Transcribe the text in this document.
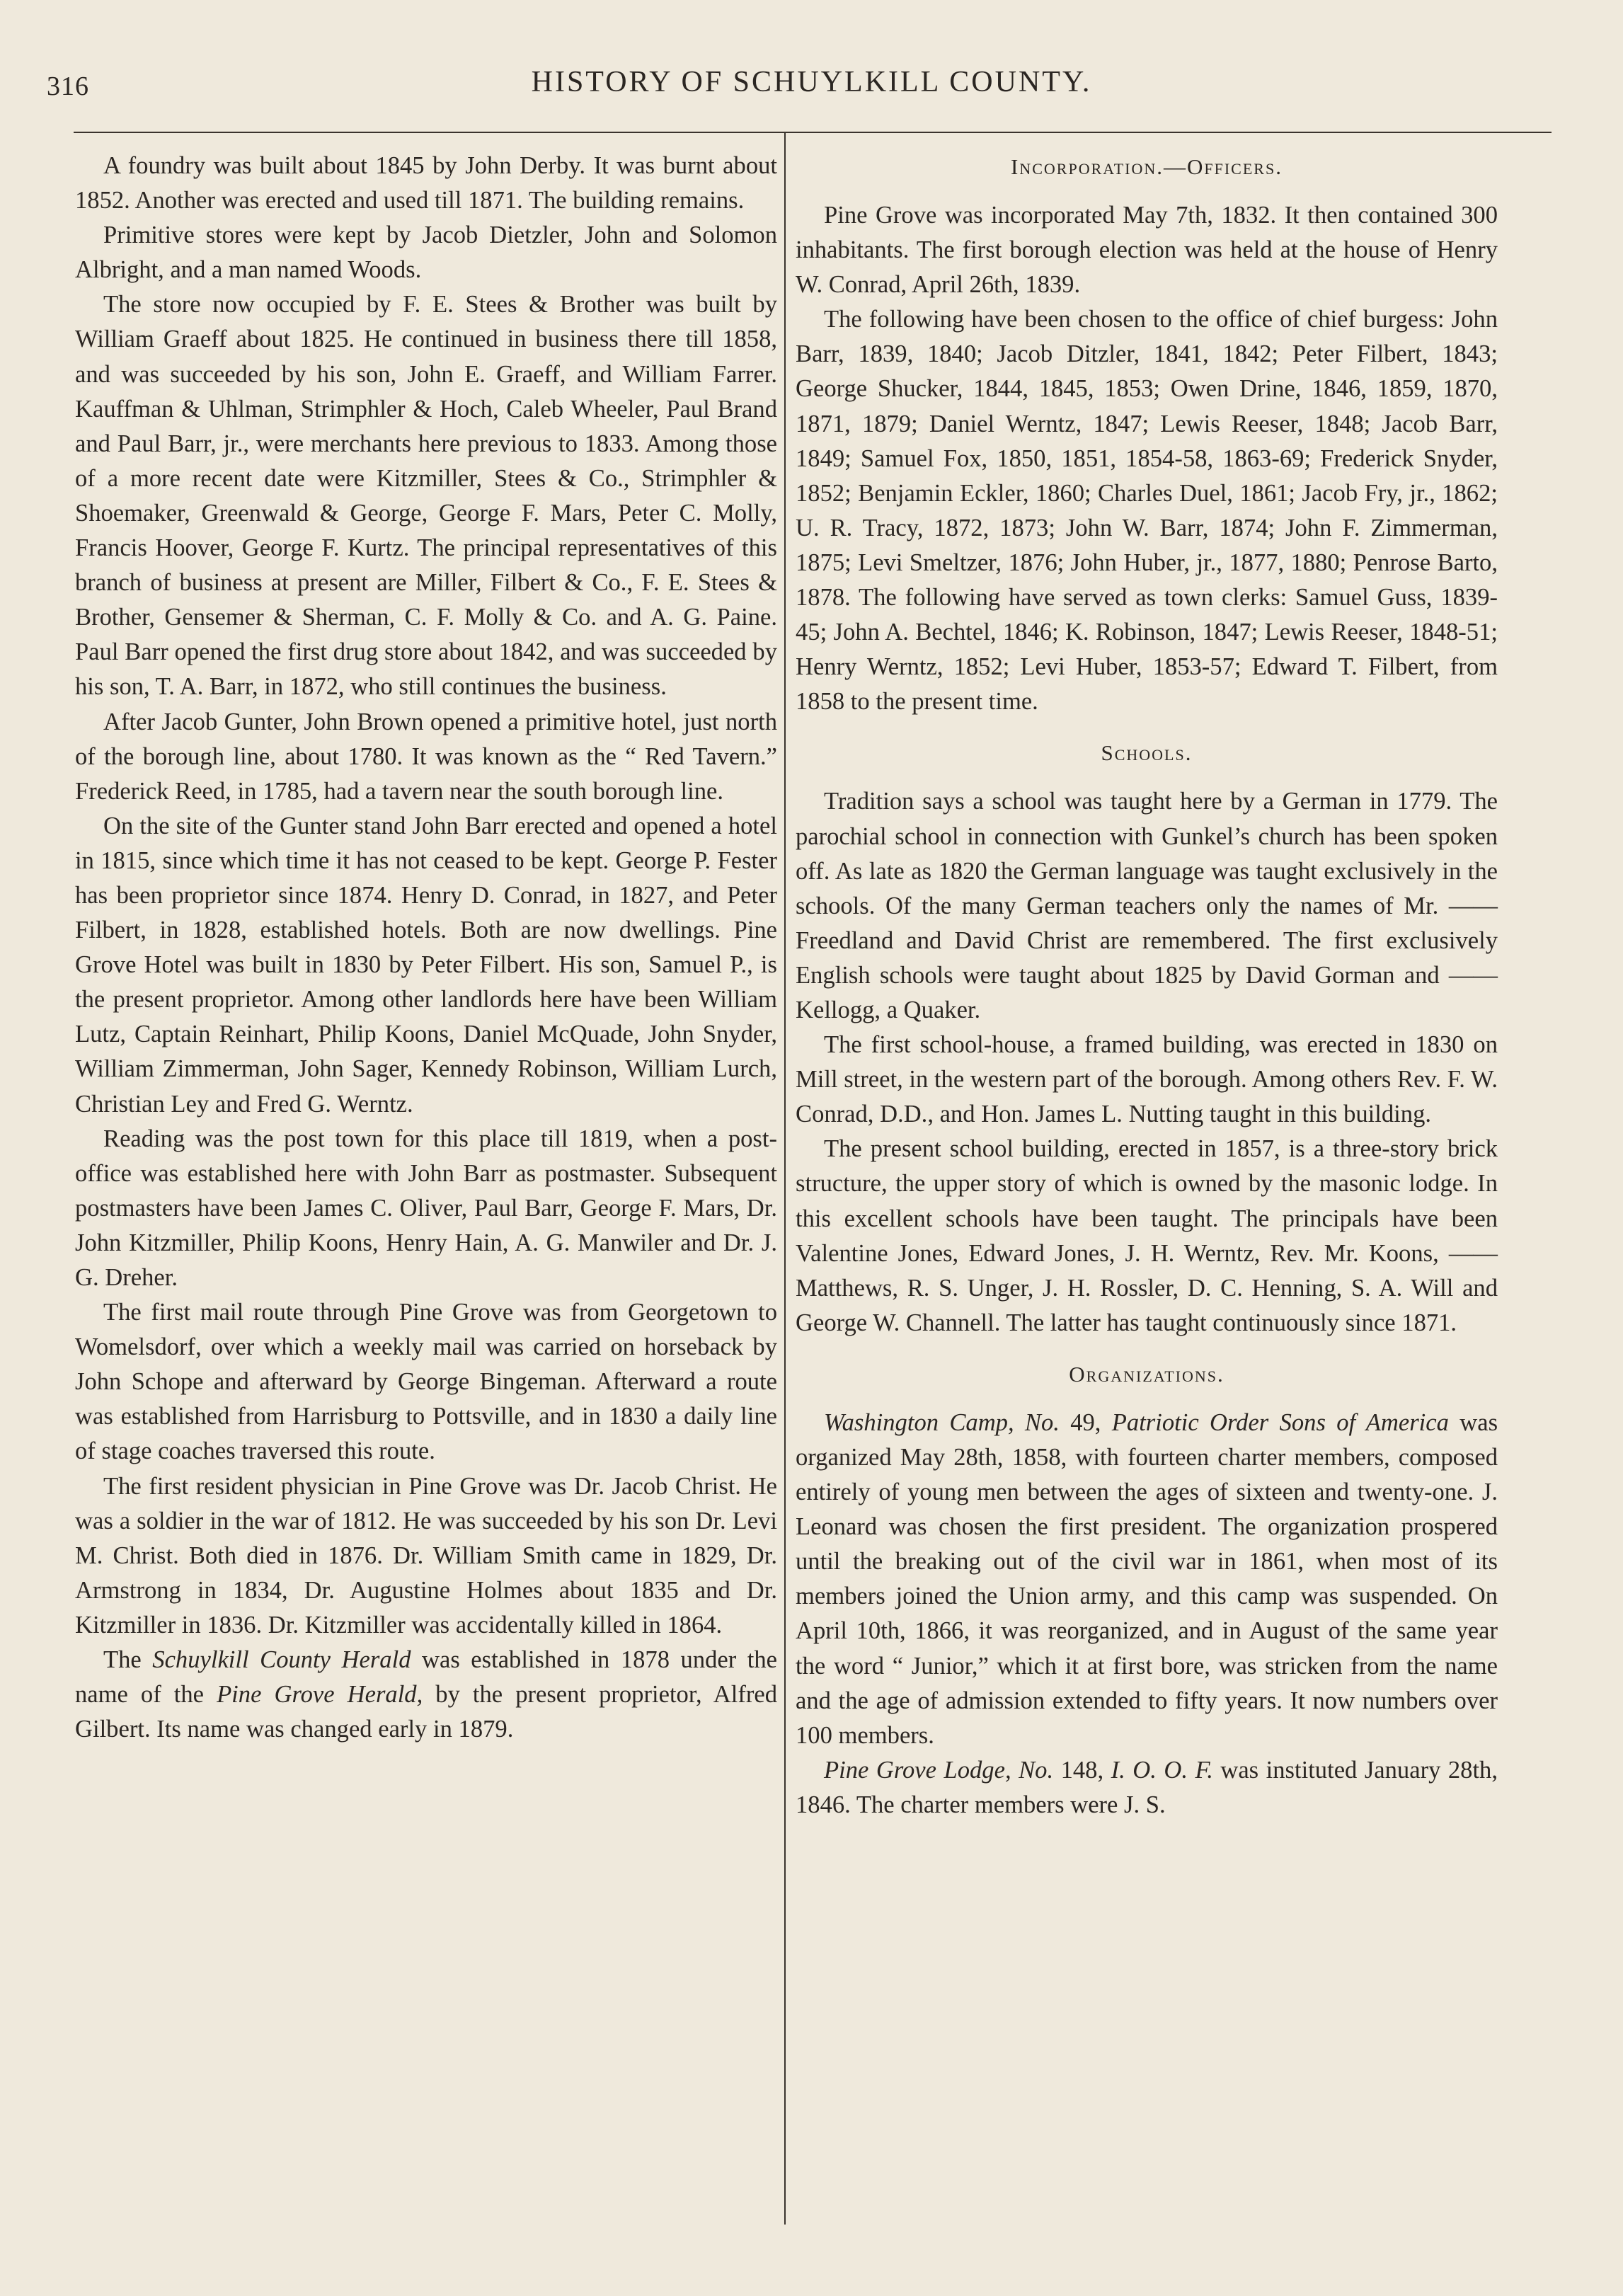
316	HISTORY OF SCHUYLKILL COUNTY.

A foundry was built about 1845 by John Derby. It was burnt about 1852. Another was erected and used till 1871. The building remains.

Primitive stores were kept by Jacob Dietzler, John and Solomon Albright, and a man named Woods.

The store now occupied by F. E. Stees & Brother was built by William Graeff about 1825. He continued in business there till 1858, and was succeeded by his son, John E. Graeff, and William Farrer. Kauffman & Uhlman, Strimphler & Hoch, Caleb Wheeler, Paul Brand and Paul Barr, jr., were merchants here previous to 1833. Among those of a more recent date were Kitzmiller, Stees & Co., Strimphler & Shoemaker, Greenwald & George, George F. Mars, Peter C. Molly, Francis Hoover, George F. Kurtz. The principal representatives of this branch of business at present are Miller, Filbert & Co., F. E. Stees & Brother, Gensemer & Sherman, C. F. Molly & Co. and A. G. Paine. Paul Barr opened the first drug store about 1842, and was succeeded by his son, T. A. Barr, in 1872, who still continues the business.

After Jacob Gunter, John Brown opened a primitive hotel, just north of the borough line, about 1780. It was known as the “ Red Tavern.” Frederick Reed, in 1785, had a tavern near the south borough line.

On the site of the Gunter stand John Barr erected and opened a hotel in 1815, since which time it has not ceased to be kept. George P. Fester has been proprietor since 1874. Henry D. Conrad, in 1827, and Peter Filbert, in 1828, established hotels. Both are now dwellings. Pine Grove Hotel was built in 1830 by Peter Filbert. His son, Samuel P., is the present proprietor. Among other landlords here have been William Lutz, Captain Reinhart, Philip Koons, Daniel McQuade, John Snyder, William Zimmerman, John Sager, Kennedy Robinson, William Lurch, Christian Ley and Fred G. Werntz.

Reading was the post town for this place till 1819, when a post-office was established here with John Barr as postmaster. Subsequent postmasters have been James C. Oliver, Paul Barr, George F. Mars, Dr. John Kitzmiller, Philip Koons, Henry Hain, A. G. Manwiler and Dr. J. G. Dreher.

The first mail route through Pine Grove was from Georgetown to Womelsdorf, over which a weekly mail was carried on horseback by John Schope and afterward by George Bingeman. Afterward a route was established from Harrisburg to Pottsville, and in 1830 a daily line of stage coaches traversed this route.

The first resident physician in Pine Grove was Dr. Jacob Christ. He was a soldier in the war of 1812. He was succeeded by his son Dr. Levi M. Christ. Both died in 1876. Dr. William Smith came in 1829, Dr. Armstrong in 1834, Dr. Augustine Holmes about 1835 and Dr. Kitzmiller in 1836. Dr. Kitzmiller was accidentally killed in 1864.

The Schuylkill County Herald was established in 1878 under the name of the Pine Grove Herald, by the present proprietor, Alfred Gilbert. Its name was changed early in 1879.

Incorporation.—Officers.

Pine Grove was incorporated May 7th, 1832. It then contained 300 inhabitants. The first borough election was held at the house of Henry W. Conrad, April 26th, 1839.

The following have been chosen to the office of chief burgess: John Barr, 1839, 1840; Jacob Ditzler, 1841, 1842; Peter Filbert, 1843; George Shucker, 1844, 1845, 1853; Owen Drine, 1846, 1859, 1870, 1871, 1879; Daniel Werntz, 1847; Lewis Reeser, 1848; Jacob Barr, 1849; Samuel Fox, 1850, 1851, 1854-58, 1863-69; Frederick Snyder, 1852; Benjamin Eckler, 1860; Charles Duel, 1861; Jacob Fry, jr., 1862; U. R. Tracy, 1872, 1873; John W. Barr, 1874; John F. Zimmerman, 1875; Levi Smeltzer, 1876; John Huber, jr., 1877, 1880; Penrose Barto, 1878. The following have served as town clerks: Samuel Guss, 1839-45; John A. Bechtel, 1846; K. Robinson, 1847; Lewis Reeser, 1848-51; Henry Werntz, 1852; Levi Huber, 1853-57; Edward T. Filbert, from 1858 to the present time.

Schools.

Tradition says a school was taught here by a German in 1779. The parochial school in connection with Gunkel’s church has been spoken off. As late as 1820 the German language was taught exclusively in the schools. Of the many German teachers only the names of Mr. —— Freedland and David Christ are remembered. The first exclusively English schools were taught about 1825 by David Gorman and —— Kellogg, a Quaker.

The first school-house, a framed building, was erected in 1830 on Mill street, in the western part of the borough. Among others Rev. F. W. Conrad, D.D., and Hon. James L. Nutting taught in this building.

The present school building, erected in 1857, is a three-story brick structure, the upper story of which is owned by the masonic lodge. In this excellent schools have been taught. The principals have been Valentine Jones, Edward Jones, J. H. Werntz, Rev. Mr. Koons, —— Matthews, R. S. Unger, J. H. Rossler, D. C. Henning, S. A. Will and George W. Channell. The latter has taught continuously since 1871.

Organizations.

Washington Camp, No. 49, Patriotic Order Sons of America was organized May 28th, 1858, with fourteen charter members, composed entirely of young men between the ages of sixteen and twenty-one. J. Leonard was chosen the first president. The organization prospered until the breaking out of the civil war in 1861, when most of its members joined the Union army, and this camp was suspended. On April 10th, 1866, it was reorganized, and in August of the same year the word “ Junior,” which it at first bore, was stricken from the name and the age of admission extended to fifty years. It now numbers over 100 members.

Pine Grove Lodge, No. 148, I. O. O. F. was instituted January 28th, 1846. The charter members were J. S.
